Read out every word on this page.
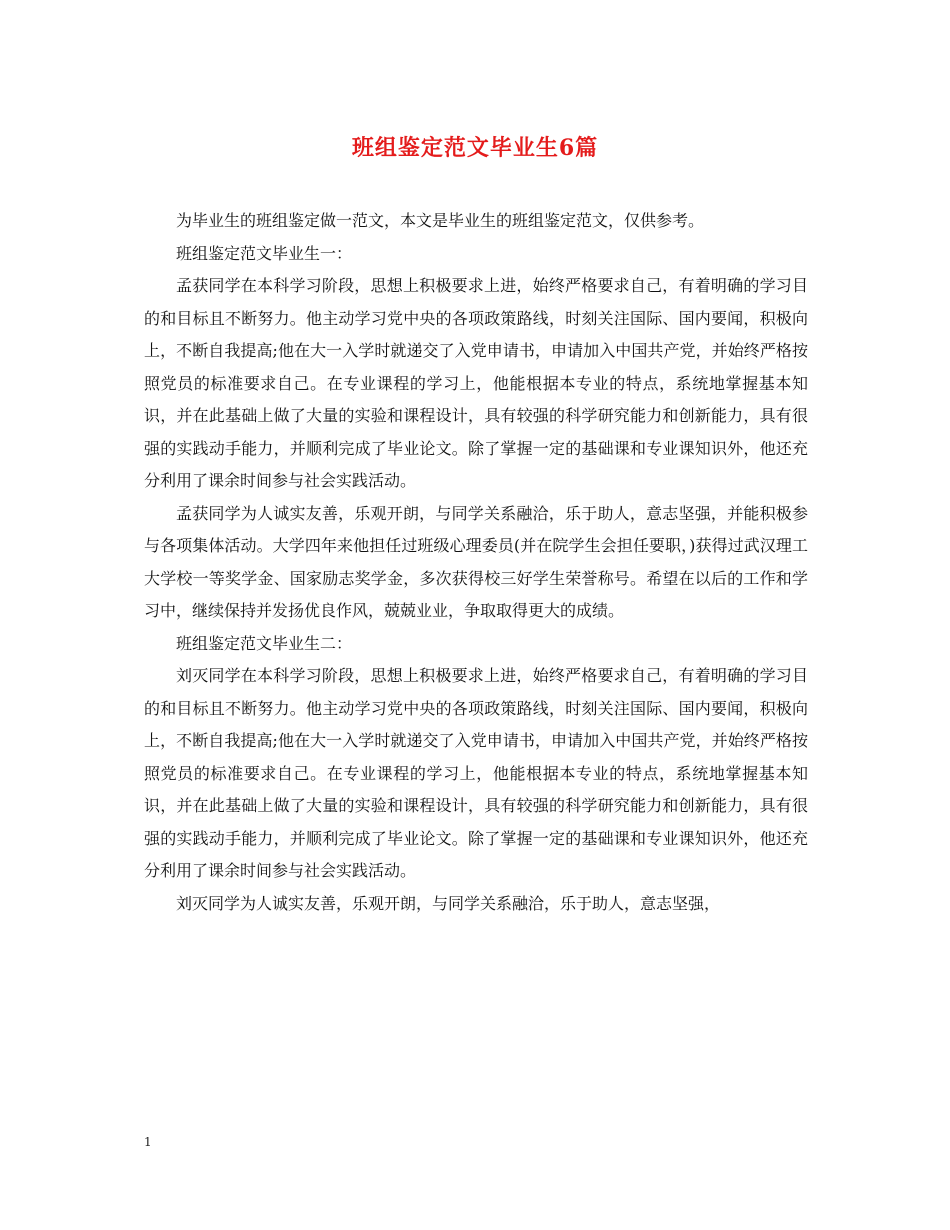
班组鉴定范文毕业生6篇

为毕业生的班组鉴定做一范文，本文是毕业生的班组鉴定范文，仅供参考。

班组鉴定范文毕业生一：

孟获同学在本科学习阶段，思想上积极要求上进，始终严格要求自己，有着明确的学习目的和目标且不断努力。他主动学习党中央的各项政策路线，时刻关注国际、国内要闻，积极向上，不断自我提高;他在大一入学时就递交了入党申请书，申请加入中国共产党，并始终严格按照党员的标准要求自己。在专业课程的学习上，他能根据本专业的特点，系统地掌握基本知识，并在此基础上做了大量的实验和课程设计，具有较强的科学研究能力和创新能力，具有很强的实践动手能力，并顺利完成了毕业论文。除了掌握一定的基础课和专业课知识外，他还充分利用了课余时间参与社会实践活动。

孟获同学为人诚实友善，乐观开朗，与同学关系融洽，乐于助人，意志坚强，并能积极参与各项集体活动。大学四年来他担任过班级心理委员(并在院学生会担任要职，)获得过武汉理工大学校一等奖学金、国家励志奖学金，多次获得校三好学生荣誉称号。希望在以后的工作和学习中，继续保持并发扬优良作风，兢兢业业，争取取得更大的成绩。

班组鉴定范文毕业生二：

刘灭同学在本科学习阶段，思想上积极要求上进，始终严格要求自己，有着明确的学习目的和目标且不断努力。他主动学习党中央的各项政策路线，时刻关注国际、国内要闻，积极向上，不断自我提高;他在大一入学时就递交了入党申请书，申请加入中国共产党，并始终严格按照党员的标准要求自己。在专业课程的学习上，他能根据本专业的特点，系统地掌握基本知识，并在此基础上做了大量的实验和课程设计，具有较强的科学研究能力和创新能力，具有很强的实践动手能力，并顺利完成了毕业论文。除了掌握一定的基础课和专业课知识外，他还充分利用了课余时间参与社会实践活动。

刘灭同学为人诚实友善，乐观开朗，与同学关系融洽，乐于助人，意志坚强，

1
